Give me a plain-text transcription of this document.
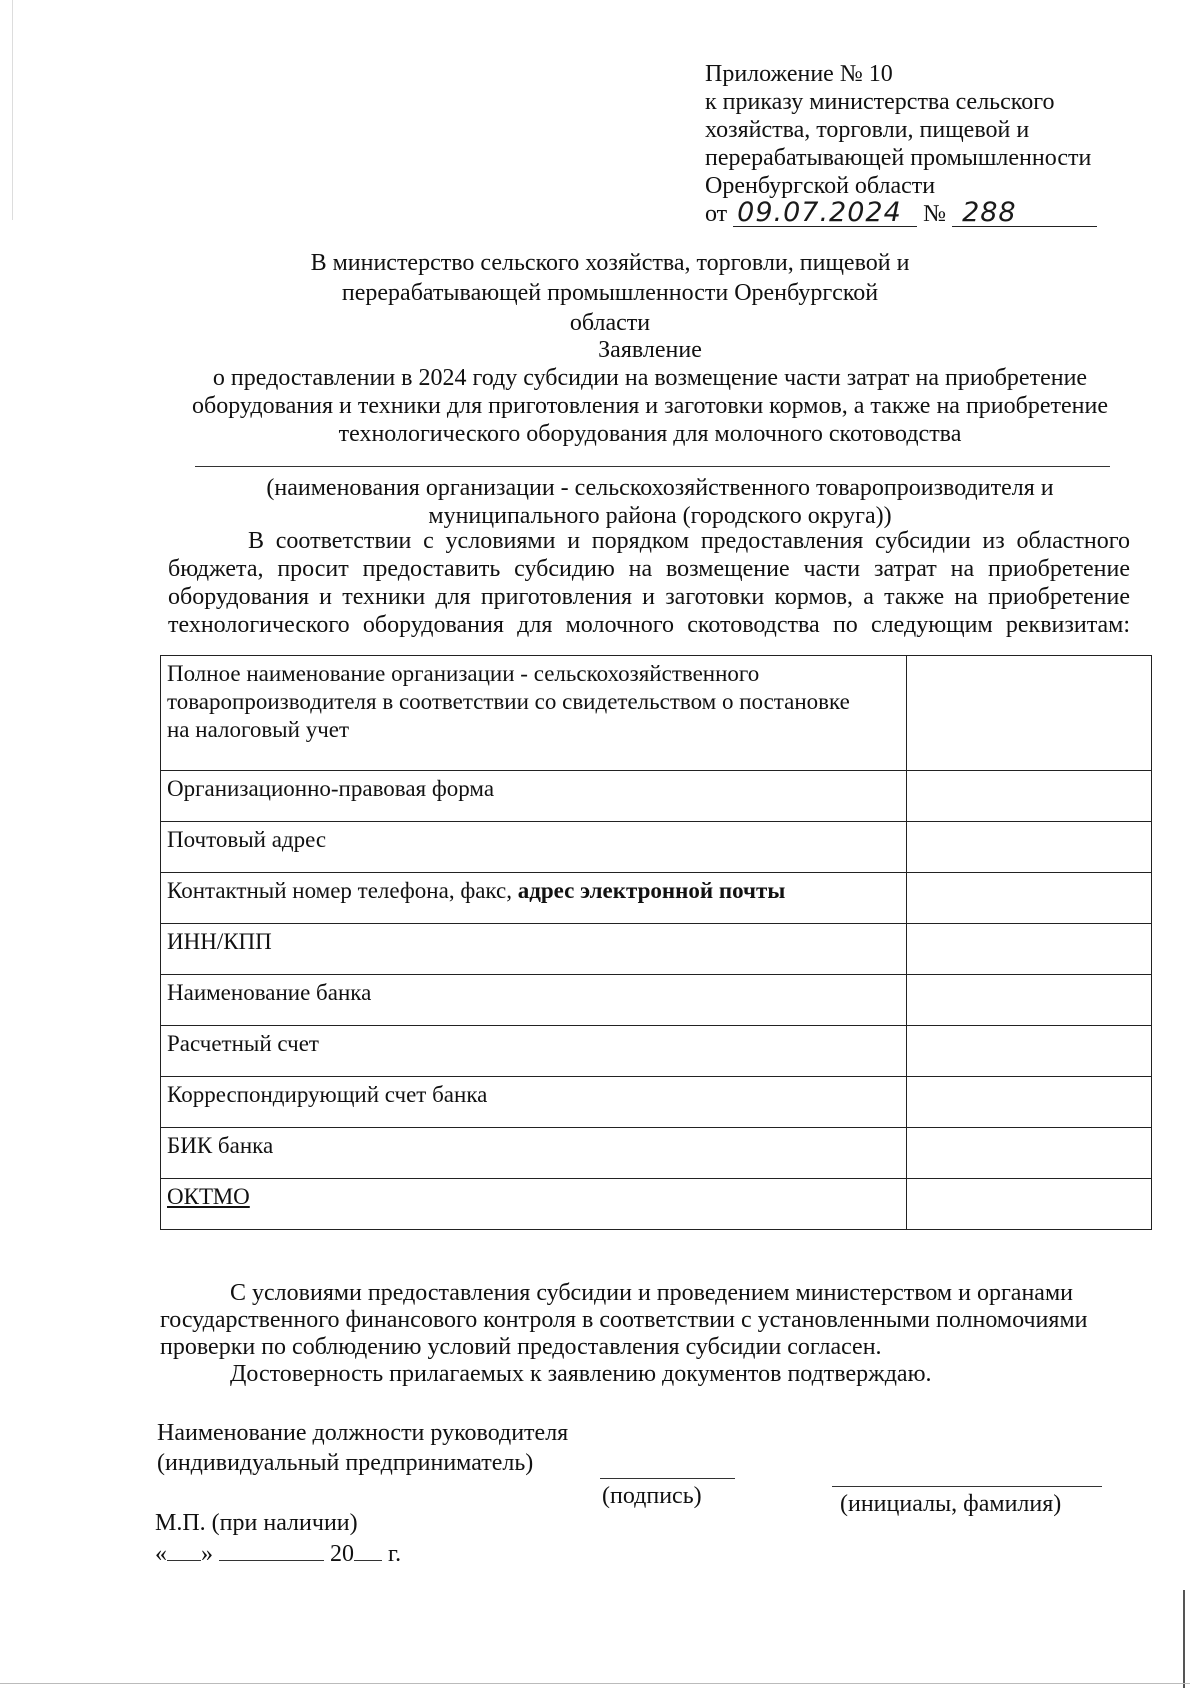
Приложение № 10
к приказу министерства сельского
хозяйства, торговли, пищевой и
перерабатывающей промышленности
Оренбургской области
от 09.07.2024 № 288
В министерство сельского хозяйства, торговли, пищевой и
перерабатывающей промышленности Оренбургской области
Заявление
о предоставлении в 2024 году субсидии на возмещение части затрат на приобретение
оборудования и техники для приготовления и заготовки кормов, а также на приобретение
технологического оборудования для молочного скотоводства
(наименования организации - сельскохозяйственного товаропроизводителя и
муниципального района (городского округа))
В соответствии с условиями и порядком предоставления субсидии из областного
бюджета, просит предоставить субсидию на возмещение части затрат на приобретение
оборудования и техники для приготовления и заготовки кормов, а также на приобретение
технологического оборудования для молочного скотоводства по следующим реквизитам:
Полное наименование организации - сельскохозяйственного
товаропроизводителя в соответствии со свидетельством о постановке
на налоговый учет	

Организационно-правовая форма	
Почтовый адрес	
Контактный номер телефона, факс, адрес электронной почты	
ИНН/КПП	
Наименование банка	
Расчетный счет	
Корреспондирующий счет банка	
БИК банка	
ОКТМО	
С условиями предоставления субсидии и проведением министерством и органами
государственного финансового контроля в соответствии с установленными полномочиями
проверки по соблюдению условий предоставления субсидии согласен.
Достоверность прилагаемых к заявлению документов подтверждаю.
Наименование должности руководителя
(индивидуальный предприниматель)
(подпись)	(инициалы, фамилия)
М.П. (при наличии)
« »	20 г.
